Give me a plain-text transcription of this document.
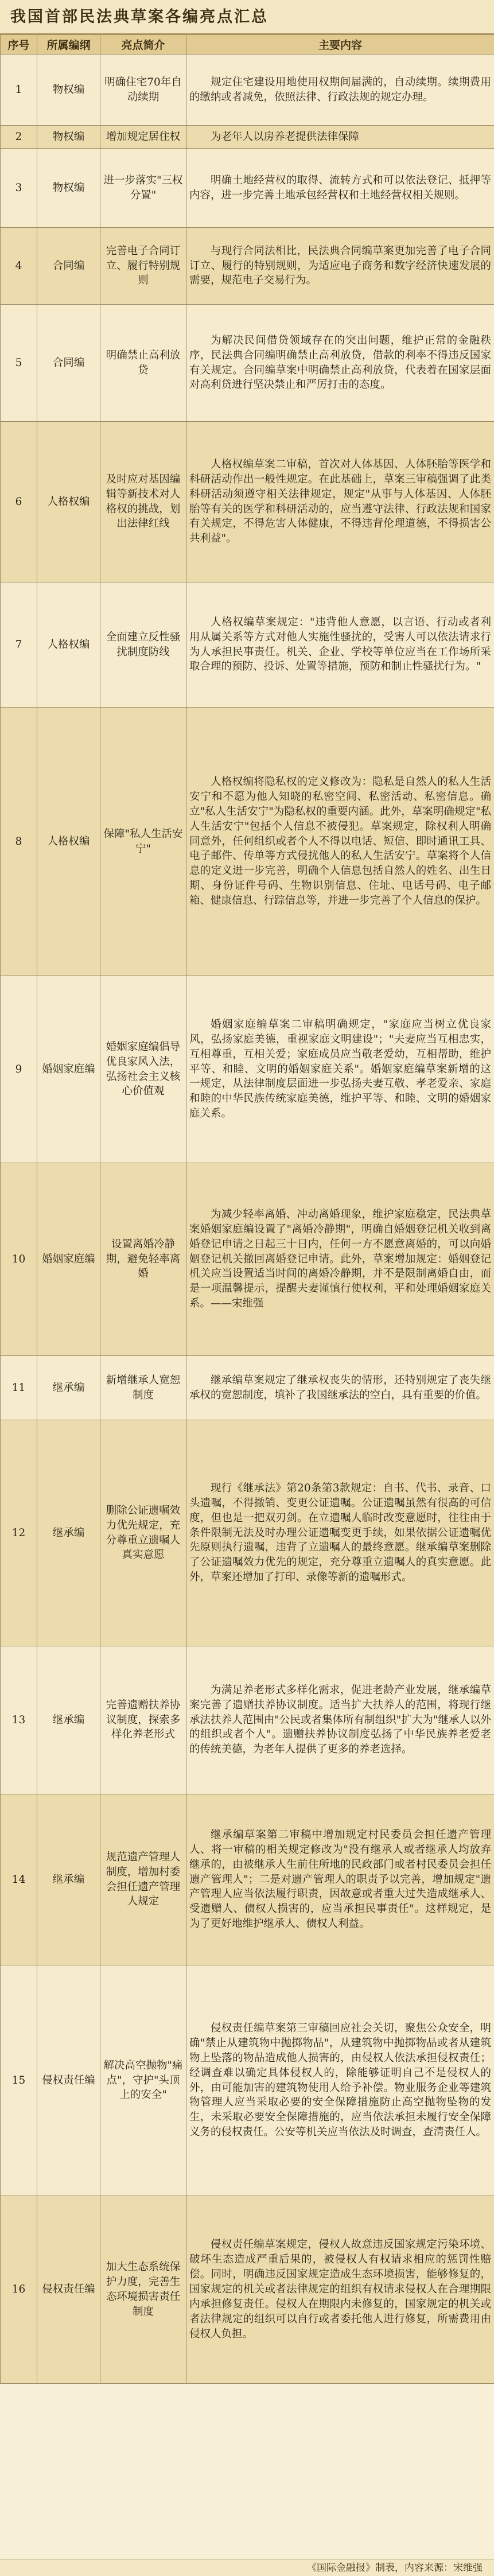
我国首部民法典草案各编亮点汇总
序号	所属编纲	亮点简介	主要内容
1	物权编	明确住宅70年自动续期	规定住宅建设用地使用权期间届满的，自动续期。续期费用的缴纳或者减免，依照法律、行政法规的规定办理。
2	物权编	增加规定居住权	为老年人以房养老提供法律保障
3	物权编	进一步落实"三权分置"	明确土地经营权的取得、流转方式和可以依法登记、抵押等内容，进一步完善土地承包经营权和土地经营权相关规则。
4	合同编	完善电子合同订立、履行特别规则	与现行合同法相比，民法典合同编草案更加完善了电子合同订立、履行的特别规则，为适应电子商务和数字经济快速发展的需要，规范电子交易行为。
5	合同编	明确禁止高利放贷	为解决民间借贷领域存在的突出问题，维护正常的金融秩序，民法典合同编明确禁止高利放贷，借款的利率不得违反国家有关规定。合同编草案中明确禁止高利放贷，代表着在国家层面对高利贷进行坚决禁止和严厉打击的态度。
6	人格权编	及时应对基因编辑等新技术对人格权的挑战，划出法律红线	人格权编草案二审稿，首次对人体基因、人体胚胎等医学和科研活动作出一般性规定。在此基础上，草案三审稿强调了此类科研活动须遵守相关法律规定，规定"从事与人体基因、人体胚胎等有关的医学和科研活动的，应当遵守法律、行政法规和国家有关规定，不得危害人体健康，不得违背伦理道德，不得损害公共利益"。
7	人格权编	全面建立反性骚扰制度防线	人格权编草案规定："违背他人意愿，以言语、行动或者利用从属关系等方式对他人实施性骚扰的，受害人可以依法请求行为人承担民事责任。机关、企业、学校等单位应当在工作场所采取合理的预防、投诉、处置等措施，预防和制止性骚扰行为。"
8	人格权编	保障"私人生活安宁"	人格权编将隐私权的定义修改为：隐私是自然人的私人生活安宁和不愿为他人知晓的私密空间、私密活动、私密信息。确立"私人生活安宁"为隐私权的重要内涵。此外，草案明确规定"私人生活安宁"包括个人信息不被侵犯。草案规定，除权利人明确同意外，任何组织或者个人不得以电话、短信、即时通讯工具、电子邮件、传单等方式侵扰他人的私人生活安宁。草案将个人信息的定义进一步完善，明确个人信息包括自然人的姓名、出生日期、身份证件号码、生物识别信息、住址、电话号码、电子邮箱、健康信息、行踪信息等，并进一步完善了个人信息的保护。
9	婚姻家庭编	婚姻家庭编倡导优良家风入法，弘扬社会主义核心价值观	婚姻家庭编草案二审稿明确规定，"家庭应当树立优良家风，弘扬家庭美德，重视家庭文明建设"；"夫妻应当互相忠实，互相尊重，互相关爱；家庭成员应当敬老爱幼，互相帮助，维护平等、和睦、文明的婚姻家庭关系"。婚姻家庭编草案新增的这一规定，从法律制度层面进一步弘扬夫妻互敬、孝老爱亲、家庭和睦的中华民族传统家庭美德，维护平等、和睦、文明的婚姻家庭关系。
10	婚姻家庭编	设置离婚冷静期，避免轻率离婚	为减少轻率离婚、冲动离婚现象，维护家庭稳定，民法典草案婚姻家庭编设置了"离婚冷静期"，明确自婚姻登记机关收到离婚登记申请之日起三十日内，任何一方不愿意离婚的，可以向婚姻登记机关撤回离婚登记申请。此外，草案增加规定：婚姻登记机关应当设置适当时间的离婚冷静期，并不是限制离婚自由，而是一项温馨提示，提醒夫妻谨慎行使权利，平和处理婚姻家庭关系。——宋维强
11	继承编	新增继承人宽恕制度	继承编草案规定了继承权丧失的情形，还特别规定了丧失继承权的宽恕制度，填补了我国继承法的空白，具有重要的价值。
12	继承编	删除公证遗嘱效力优先规定，充分尊重立遗嘱人真实意愿	现行《继承法》第20条第3款规定：自书、代书、录音、口头遗嘱，不得撤销、变更公证遗嘱。公证遗嘱虽然有很高的可信度，但也是一把双刃剑。在立遗嘱人临时改变意愿时，往往由于条件限制无法及时办理公证遗嘱变更手续，如果依据公证遗嘱优先原则执行遗嘱，违背了立遗嘱人的最终意愿。继承编草案删除了公证遗嘱效力优先的规定，充分尊重立遗嘱人的真实意愿。此外，草案还增加了打印、录像等新的遗嘱形式。
13	继承编	完善遗赠扶养协议制度，探索多样化养老形式	为满足养老形式多样化需求，促进老龄产业发展，继承编草案完善了遗赠扶养协议制度。适当扩大扶养人的范围，将现行继承法扶养人范围由"公民或者集体所有制组织"扩大为"继承人以外的组织或者个人"。遗赠扶养协议制度弘扬了中华民族养老爱老的传统美德，为老年人提供了更多的养老选择。
14	继承编	规范遗产管理人制度，增加村委会担任遗产管理人规定	继承编草案第二审稿中增加规定村民委员会担任遗产管理人、将一审稿的相关规定修改为"没有继承人或者继承人均放弃继承的，由被继承人生前住所地的民政部门或者村民委员会担任遗产管理人"；二是对遗产管理人的职责予以完善，增加规定"遗产管理人应当依法履行职责，因故意或者重大过失造成继承人、受遗赠人、债权人损害的，应当承担民事责任"。这样规定，是为了更好地维护继承人、债权人利益。
15	侵权责任编	解决高空抛物"痛点"，守护"头顶上的安全"	侵权责任编草案第三审稿回应社会关切，聚焦公众安全，明确"禁止从建筑物中抛掷物品"，从建筑物中抛掷物品或者从建筑物上坠落的物品造成他人损害的，由侵权人依法承担侵权责任；经调查难以确定具体侵权人的，除能够证明自己不是侵权人的外，由可能加害的建筑物使用人给予补偿。物业服务企业等建筑物管理人应当采取必要的安全保障措施防止高空抛物坠物的发生，未采取必要安全保障措施的，应当依法承担未履行安全保障义务的侵权责任。公安等机关应当依法及时调查，查清责任人。
16	侵权责任编	加大生态系统保护力度，完善生态环境损害责任制度	侵权责任编草案规定，侵权人故意违反国家规定污染环境、破坏生态造成严重后果的，被侵权人有权请求相应的惩罚性赔偿。同时，明确违反国家规定造成生态环境损害，能够修复的，国家规定的机关或者法律规定的组织有权请求侵权人在合理期限内承担修复责任。侵权人在期限内未修复的，国家规定的机关或者法律规定的组织可以自行或者委托他人进行修复，所需费用由侵权人负担。
《国际金融报》制表，内容来源：宋维强
